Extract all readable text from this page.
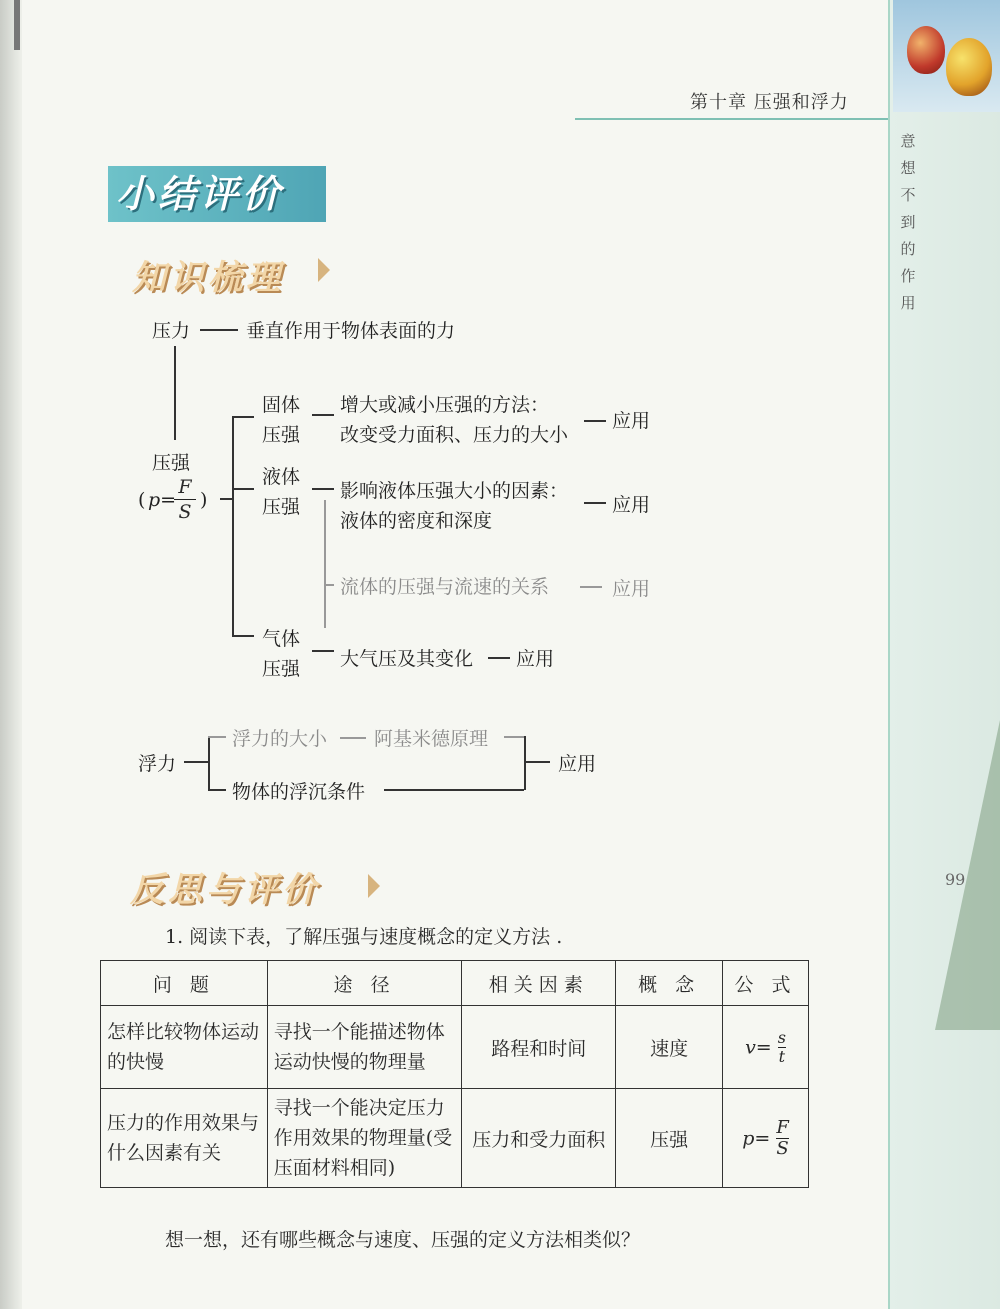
第十章 压强和浮力
意
想
不
到
的
作
用
99
小结评价
知识梳理
压力	垂直作用于物体表面的力
压强
( p=
F
S
)
固体
压强
增大或减小压强的方法：
改变受力面积、压力的大小
应用
液体
压强
影响液体压强大小的因素：
液体的密度和深度
应用
流体的压强与流速的关系	应用
气体
压强 大气压及其变化 应用
浮力
浮力的大小 阿基米德原理
物体的浮沉条件
应用
反思与评价
1. 阅读下表，了解压强与速度概念的定义方法 .
问 题	途 径	相关因素	概 念	公 式
怎样比较物体运动的快慢	寻找一个能描述物体运动快慢的物理量	路程和时间	速度	$v= \frac{s}{t}$

压力的作用效果与什么因素有关	寻找一个能决定压力作用效果的物理量(受压面材料相同)	压力和受力面积	压强	$p= \frac{F}{S}$
想一想，还有哪些概念与速度、压强的定义方法相类似？
